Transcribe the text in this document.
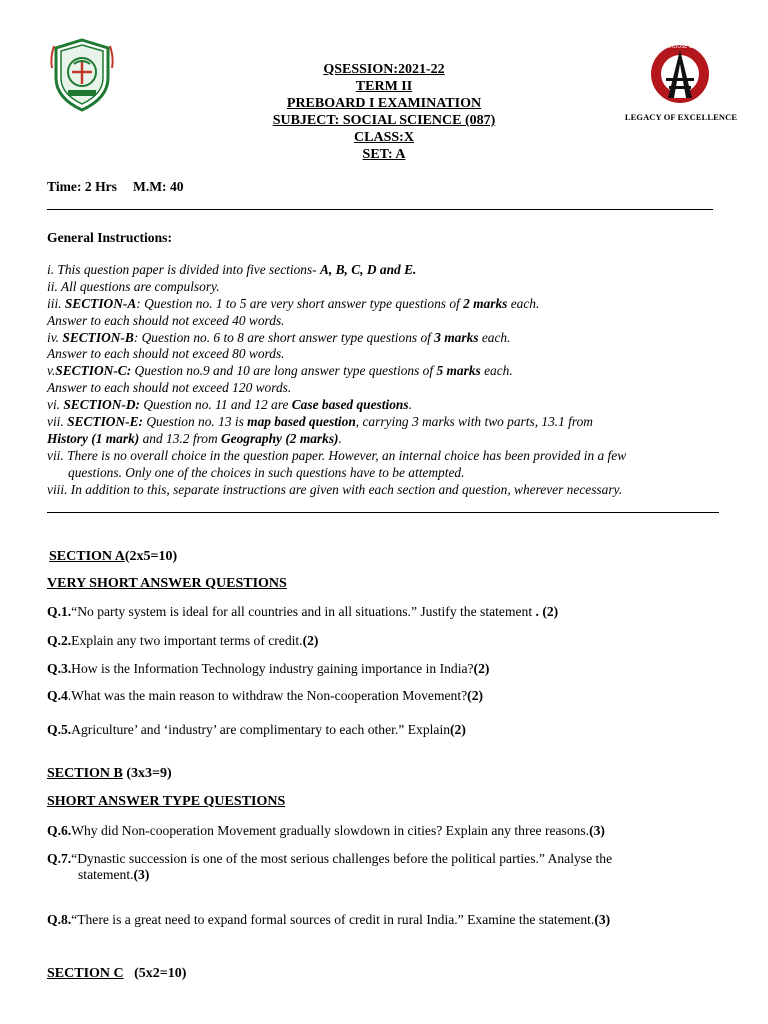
SUPERHOUSE GROUP
LEGACY OF EXCELLENCE
QSESSION:2021-22
TERM II
PREBOARD I EXAMINATION
SUBJECT: SOCIAL SCIENCE (087)
CLASS:X
SET: A
Time: 2 Hrs M.M: 40
General Instructions:
i. This question paper is divided into five sections- A, B, C, D and E.
ii. All questions are compulsory.
iii. SECTION-A: Question no. 1 to 5 are very short answer type questions of 2 marks each.
Answer to each should not exceed 40 words.
iv. SECTION-B: Question no. 6 to 8 are short answer type questions of 3 marks each.
Answer to each should not exceed 80 words.
v.SECTION-C: Question no.9 and 10 are long answer type questions of 5 marks each.
Answer to each should not exceed 120 words.
vi. SECTION-D: Question no. 11 and 12 are Case based questions.
vii. SECTION-E: Question no. 13 is map based question, carrying 3 marks with two parts, 13.1 from
History (1 mark) and 13.2 from Geography (2 marks).
vii. There is no overall choice in the question paper. However, an internal choice has been provided in a few
questions. Only one of the choices in such questions have to be attempted.
viii. In addition to this, separate instructions are given with each section and question, wherever necessary.
SECTION A(2x5=10)
VERY SHORT ANSWER QUESTIONS
Q.1.“No party system is ideal for all countries and in all situations.” Justify the statement . (2)
Q.2.Explain any two important terms of credit.(2)
Q.3.How is the Information Technology industry gaining importance in India?(2)
Q.4.What was the main reason to withdraw the Non-cooperation Movement?(2)
Q.5.Agriculture’ and ‘industry’ are complimentary to each other.” Explain(2)
SECTION B (3x3=9)
SHORT ANSWER TYPE QUESTIONS
Q.6.Why did Non-cooperation Movement gradually slowdown in cities? Explain any three reasons.(3)
Q.7.“Dynastic succession is one of the most serious challenges before the political parties.” Analyse the
statement.(3)
Q.8.“There is a great need to expand formal sources of credit in rural India.” Examine the statement.(3)
SECTION C   (5x2=10)
